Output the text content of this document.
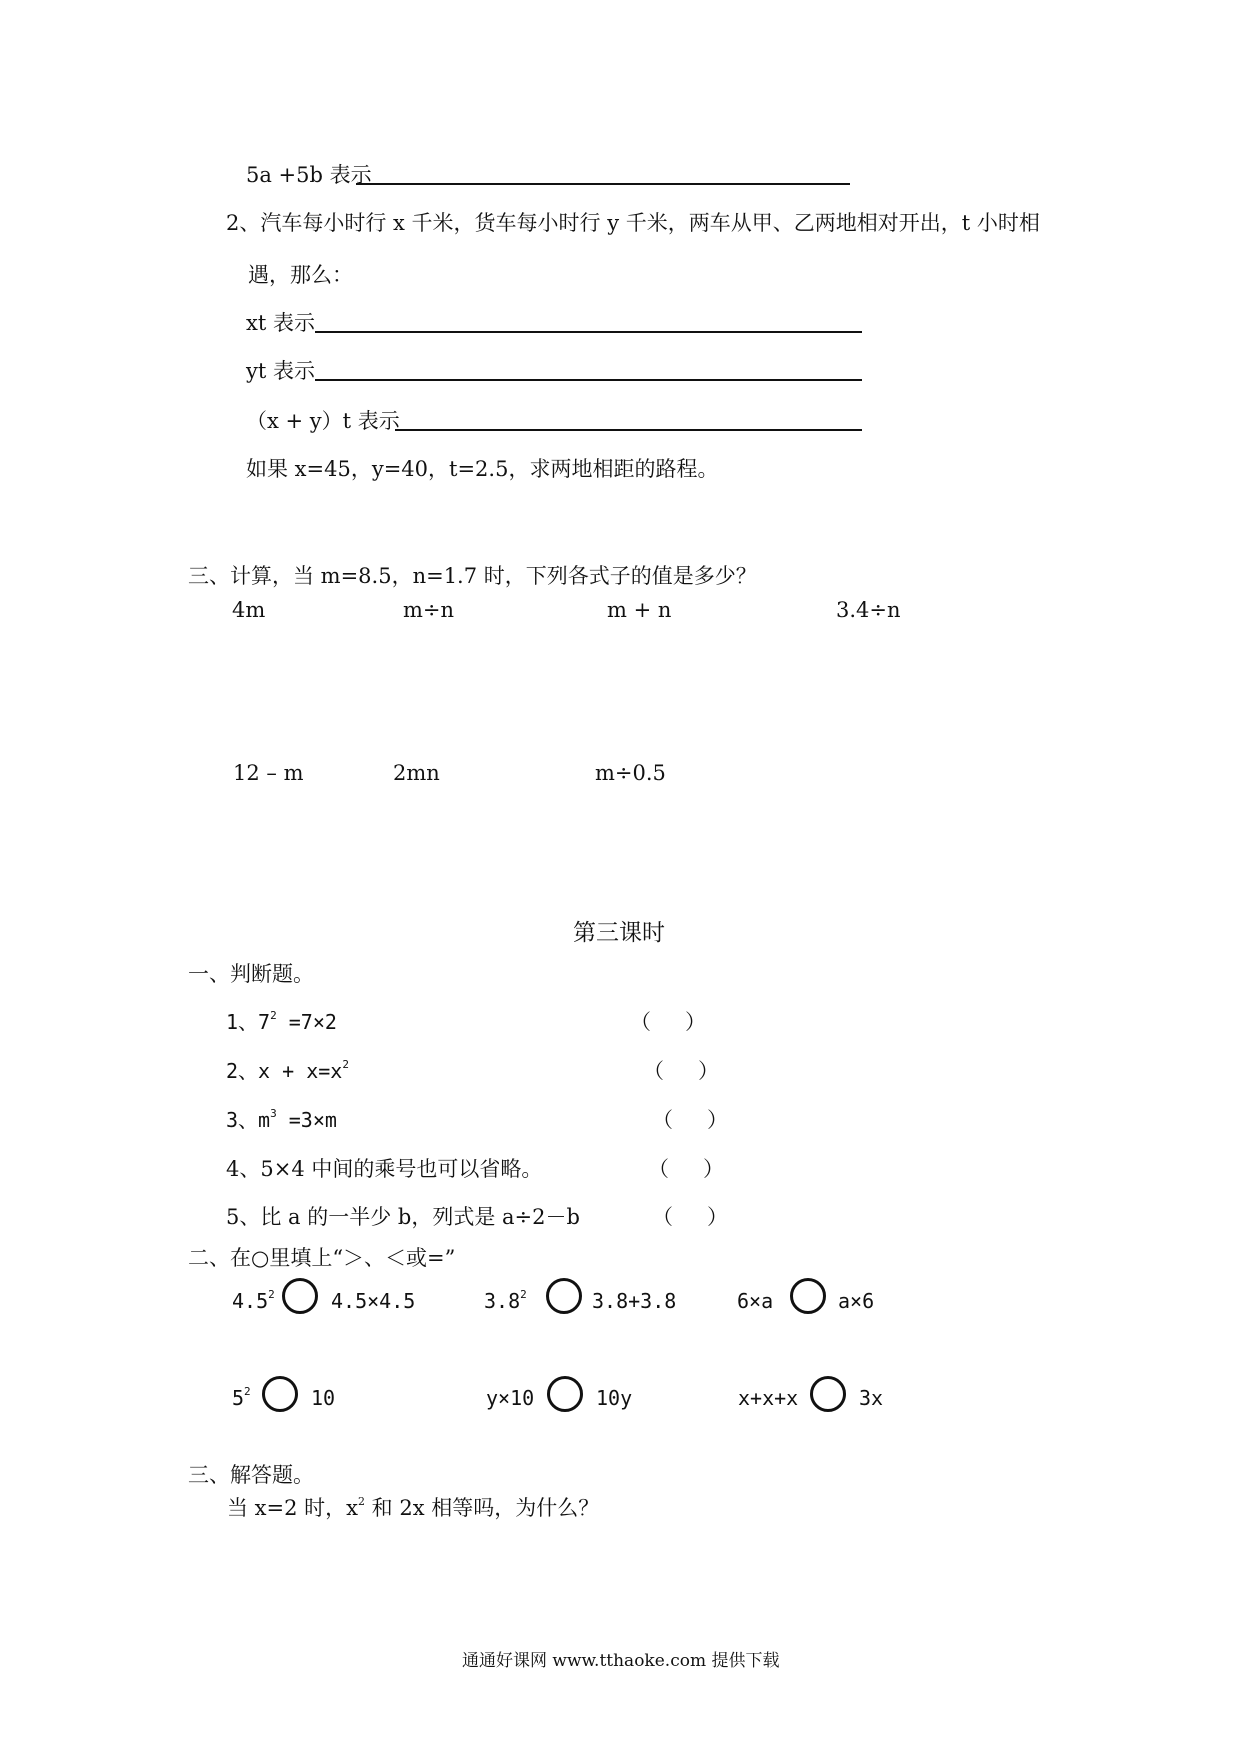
5a +5b 表示
2、汽车每小时行 x 千米，货车每小时行 y 千米，两车从甲、乙两地相对开出，t 小时相
遇，那么：
xt 表示
yt 表示
（x + y）t 表示
如果 x=45，y=40，t=2.5，求两地相距的路程。
三、计算，当 m=8.5，n=1.7 时，下列各式子的值是多少？
4m	m÷n	m + n	3.4÷n
12 – m	2mn	m÷0.5
第三课时
一、判断题。
1、$7^2 =7\times 2$	（ ）
2、$x + x=x^2$	（ ）
3、$m^3 =3\times m$	（ ）
4、5×4 中间的乘号也可以省略。	（ ）
5、比 a 的一半少 b，列式是 a÷2－b	（ ）
二、在○里填上“＞、＜或=”
$4.5^2$	4.5×4.5	$3.8^2$	3.8+3.8	6×a	a×6
$5^2$	10	y×10	10y	x+x+x	3x
三、解答题。
当 x=2 时，$x^2$ 和 2x 相等吗，为什么？
通通好课网 www.tthaoke.com 提供下载
